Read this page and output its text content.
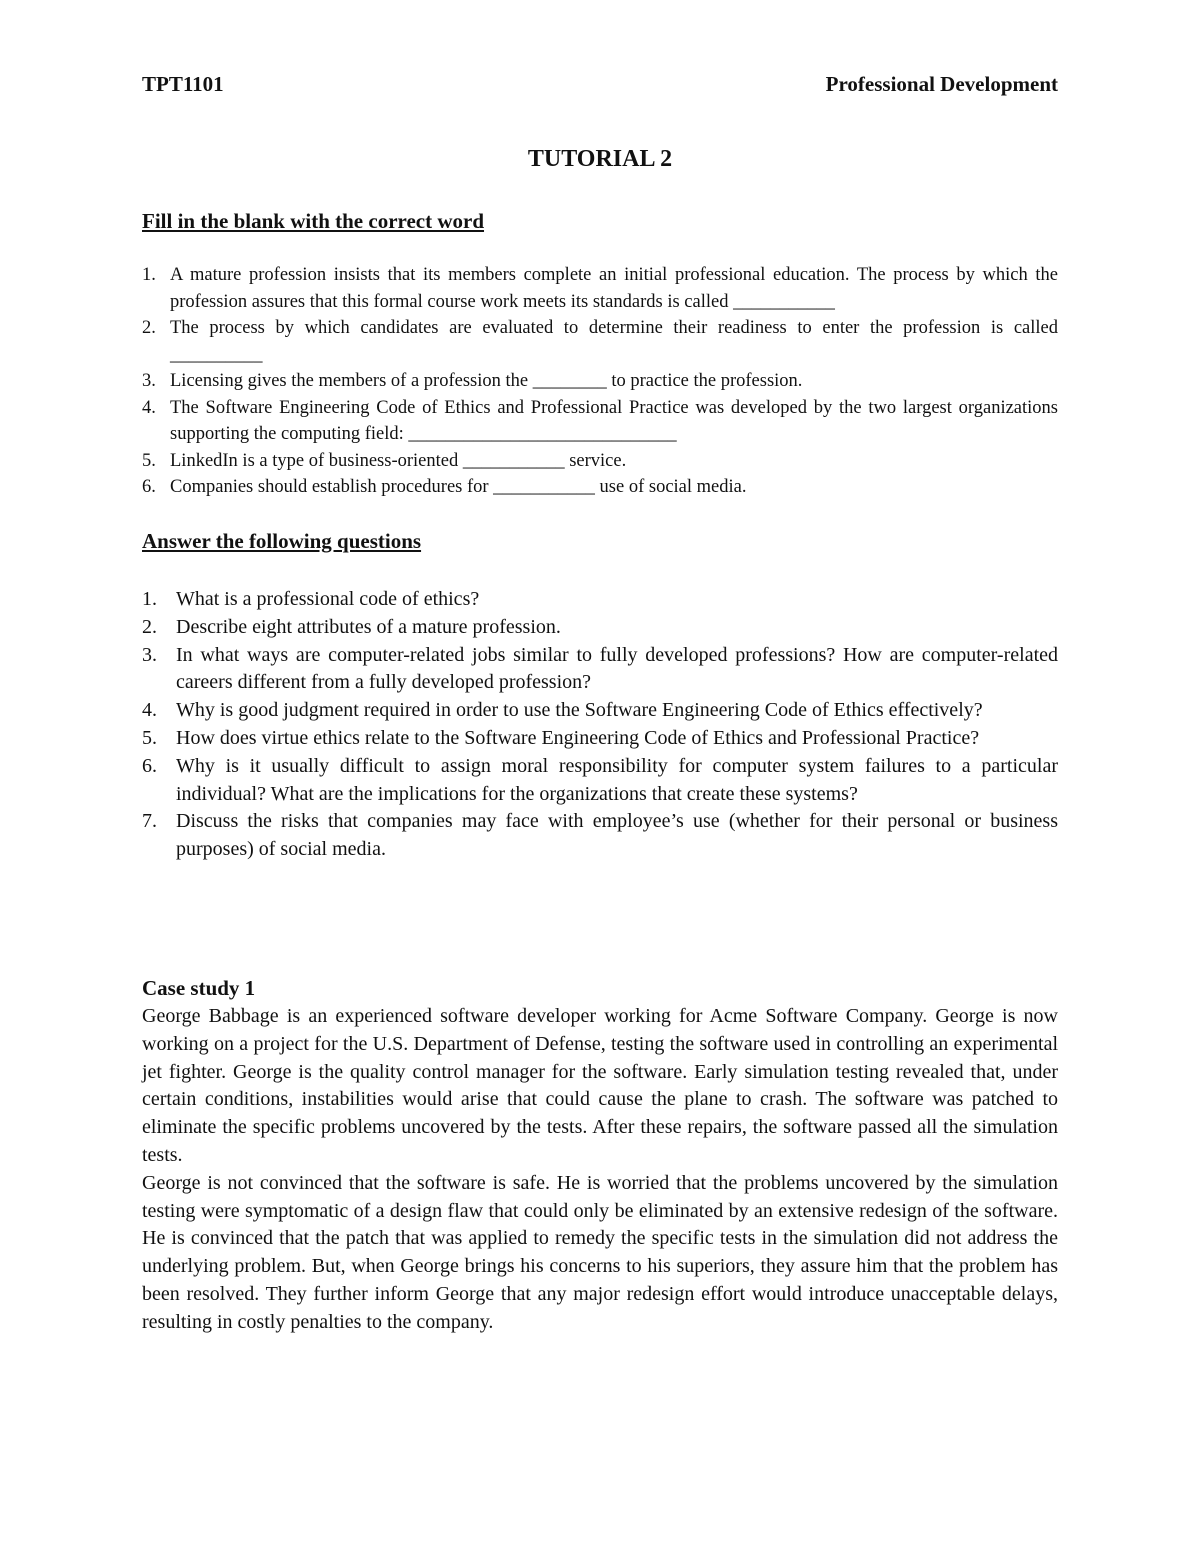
TPT1101	Professional Development
TUTORIAL 2
Fill in the blank with the correct word
1. A mature profession insists that its members complete an initial professional education. The process by which the profession assures that this formal course work meets its standards is called ___________
2. The process by which candidates are evaluated to determine their readiness to enter the profession is called __________
3. Licensing gives the members of a profession the ________ to practice the profession.
4. The Software Engineering Code of Ethics and Professional Practice was developed by the two largest organizations supporting the computing field: _____________________________
5. LinkedIn is a type of business-oriented ___________ service.
6. Companies should establish procedures for ___________ use of social media.
Answer the following questions
1. What is a professional code of ethics?
2. Describe eight attributes of a mature profession.
3. In what ways are computer-related jobs similar to fully developed professions? How are computer-related careers different from a fully developed profession?
4. Why is good judgment required in order to use the Software Engineering Code of Ethics effectively?
5. How does virtue ethics relate to the Software Engineering Code of Ethics and Professional Practice?
6. Why is it usually difficult to assign moral responsibility for computer system failures to a particular individual? What are the implications for the organizations that create these systems?
7. Discuss the risks that companies may face with employee’s use (whether for their personal or business purposes) of social media.
Case study 1
George Babbage is an experienced software developer working for Acme Software Company. George is now working on a project for the U.S. Department of Defense, testing the software used in controlling an experimental jet fighter. George is the quality control manager for the software. Early simulation testing revealed that, under certain conditions, instabilities would arise that could cause the plane to crash. The software was patched to eliminate the specific problems uncovered by the tests. After these repairs, the software passed all the simulation tests.
George is not convinced that the software is safe. He is worried that the problems uncovered by the simulation testing were symptomatic of a design flaw that could only be eliminated by an extensive redesign of the software. He is convinced that the patch that was applied to remedy the specific tests in the simulation did not address the underlying problem. But, when George brings his concerns to his superiors, they assure him that the problem has been resolved. They further inform George that any major redesign effort would introduce unacceptable delays, resulting in costly penalties to the company.
